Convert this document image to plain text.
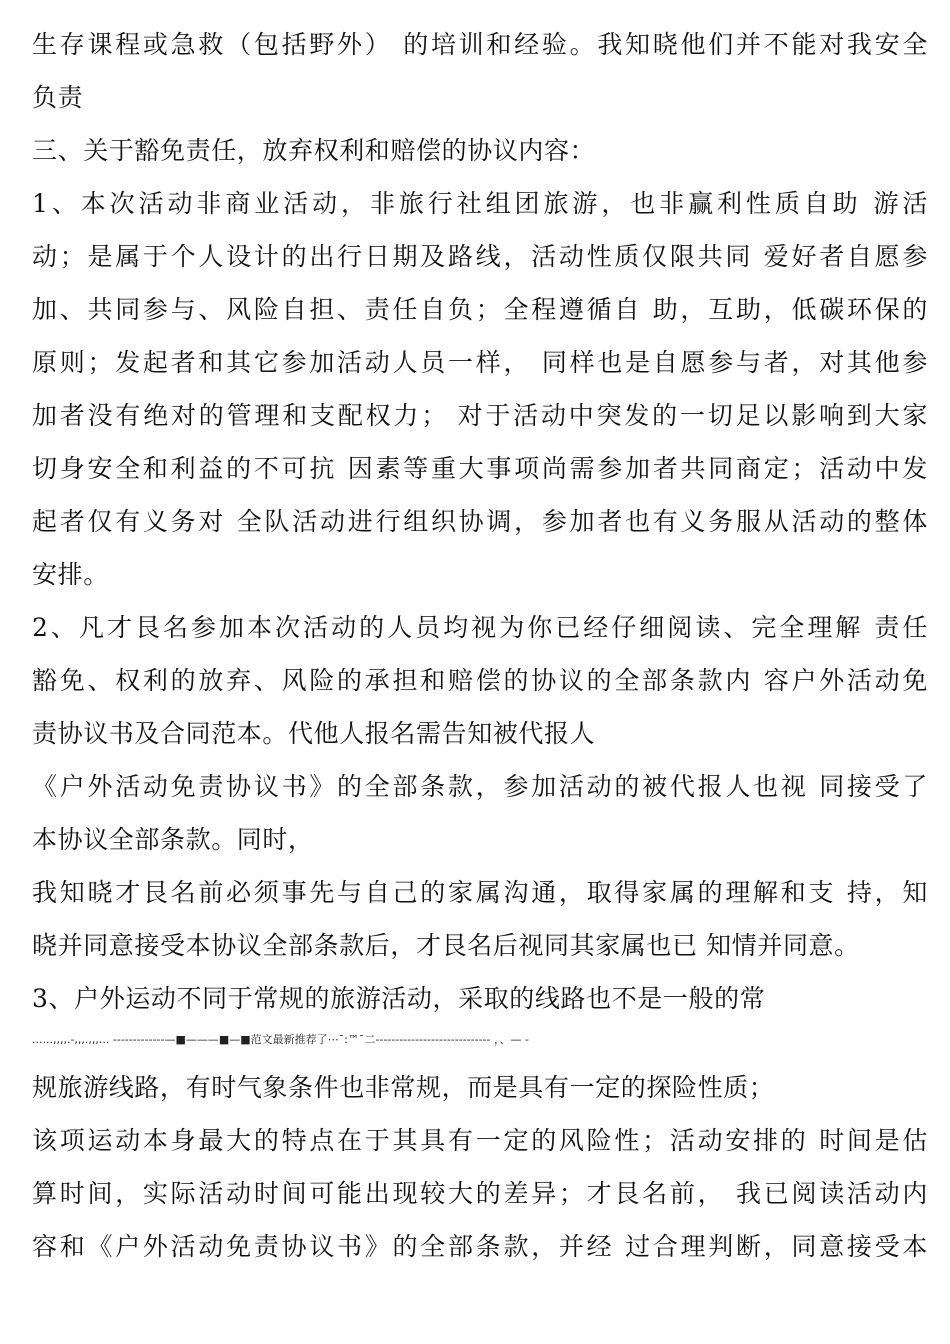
生存课程或急救（包括野外） 的培训和经验。我知晓他们并不能对我安全
负责
三、关于豁免责任，放弃权利和赔偿的协议内容：
1、本次活动非商业活动，非旅行社组团旅游，也非赢利性质自助 游活
动；是属于个人设计的出行日期及路线，活动性质仅限共同 爱好者自愿参
加、共同参与、风险自担、责任自负；全程遵循自 助，互助，低碳环保的
原则；发起者和其它参加活动人员一样， 同样也是自愿参与者，对其他参
加者没有绝对的管理和支配权力； 对于活动中突发的一切足以影响到大家
切身安全和利益的不可抗 因素等重大事项尚需参加者共同商定；活动中发
起者仅有义务对 全队活动进行组织协调，参加者也有义务服从活动的整体
安排。
2、凡才艮名参加本次活动的人员均视为你已经仔细阅读、完全理解 责任
豁免、权利的放弃、风险的承担和赔偿的协议的全部条款内 容户外活动免
责协议书及合同范本。代他人报名需告知被代报人
《户外活动免责协议书》的全部条款，参加活动的被代报人也视 同接受了
本协议全部条款。同时，
我知晓才艮名前必须事先与自己的家属沟通，取得家属的理解和支 持，知
晓并同意接受本协议全部条款后，才艮名后视同其家属也已 知情并同意。
3、户外运动不同于常规的旅游活动，采取的线路也不是一般的常
......,,,,.-,,,.,,,... -------------—■———■—■范文最新推荐了⋯ˉ:™ˉ二----------------------------- ，、— -
规旅游线路，有时气象条件也非常规，而是具有一定的探险性质；
该项运动本身最大的特点在于其具有一定的风险性；活动安排的 时间是估
算时间，实际活动时间可能出现较大的差异；才艮名前， 我已阅读活动内
容和《户外活动免责协议书》的全部条款，并经 过合理判断，同意接受本
